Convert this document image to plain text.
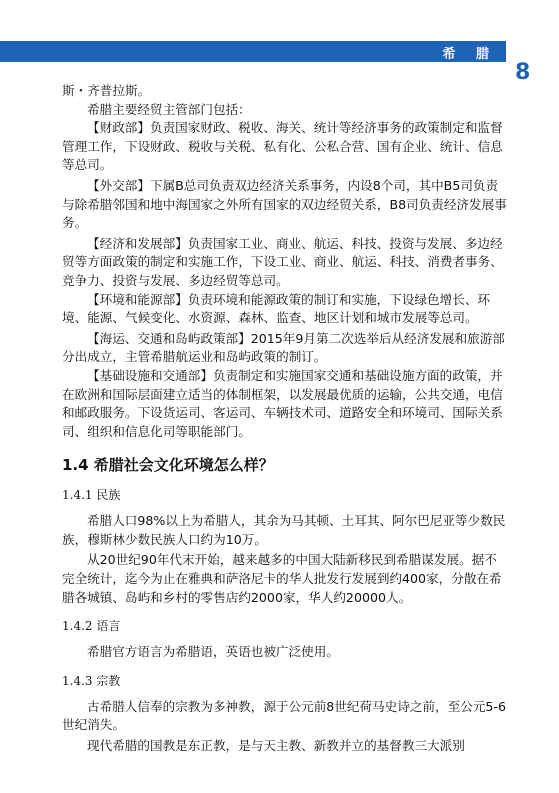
希 腊
8

斯・齐普拉斯。

希腊主要经贸主管部门包括：

【财政部】负责国家财政、税收、海关、统计等经济事务的政策制定和监督管理工作，下设财政、税收与关税、私有化、公私合营、国有企业、统计、信息等总司。

【外交部】下属B总司负责双边经济关系事务，内设8个司，其中B5司负责与除希腊邻国和地中海国家之外所有国家的双边经贸关系，B8司负责经济发展事务。

【经济和发展部】负责国家工业、商业、航运、科技、投资与发展、多边经贸等方面政策的制定和实施工作，下设工业、商业、航运、科技、消费者事务、竞争力、投资与发展、多边经贸等总司。

【环境和能源部】负责环境和能源政策的制订和实施，下设绿色增长、环境、能源、气候变化、水资源、森林、监查、地区计划和城市发展等总司。

【海运、交通和岛屿政策部】2015年9月第二次选举后从经济发展和旅游部分出成立，主管希腊航运业和岛屿政策的制订。

【基础设施和交通部】负责制定和实施国家交通和基础设施方面的政策，并在欧洲和国际层面建立适当的体制框架，以发展最优质的运输，公共交通，电信和邮政服务。下设货运司、客运司、车辆技术司、道路安全和环境司、国际关系司、组织和信息化司等职能部门。

1.4 希腊社会文化环境怎么样？
1.4.1 民族

希腊人口98%以上为希腊人，其余为马其顿、土耳其、阿尔巴尼亚等少数民族，穆斯林少数民族人口约为10万。

从20世纪90年代末开始，越来越多的中国大陆新移民到希腊谋发展。据不完全统计，迄今为止在雅典和萨洛尼卡的华人批发行发展到约400家，分散在希腊各城镇、岛屿和乡村的零售店约2000家，华人约20000人。

1.4.2 语言

希腊官方语言为希腊语，英语也被广泛使用。

1.4.3 宗教

古希腊人信奉的宗教为多神教，源于公元前8世纪荷马史诗之前，至公元5-6世纪消失。

现代希腊的国教是东正教，是与天主教、新教并立的基督教三大派别
